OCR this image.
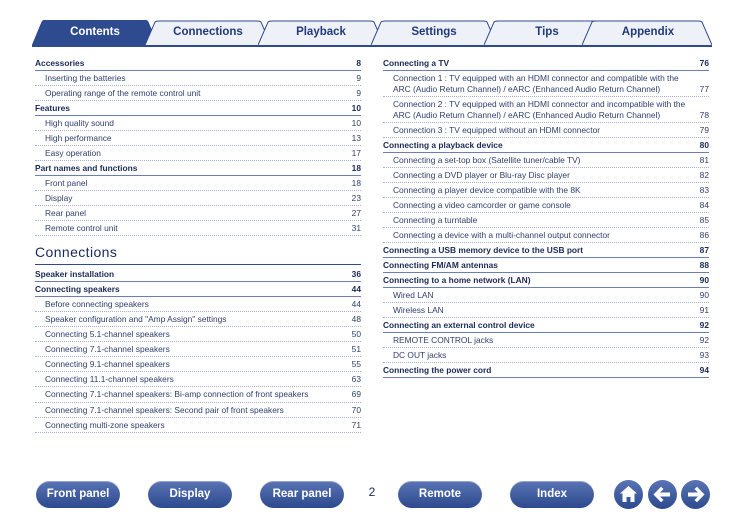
Contents	Connections	Playback	Settings	Tips	Appendix
Accessories	8
Inserting the batteries	9
Operating range of the remote control unit	9
Features	10
High quality sound	10
High performance	13
Easy operation	17
Part names and functions	18
Front panel	18
Display	23
Rear panel	27
Remote control unit	31
Connections
Speaker installation	36
Connecting speakers	44
Before connecting speakers	44
Speaker configuration and "Amp Assign" settings	48
Connecting 5.1-channel speakers	50
Connecting 7.1-channel speakers	51
Connecting 9.1-channel speakers	55
Connecting 11.1-channel speakers	63
Connecting 7.1-channel speakers: Bi-amp connection of front speakers	69
Connecting 7.1-channel speakers: Second pair of front speakers	70
Connecting multi-zone speakers	71
Connecting a TV	76
Connection 1 : TV equipped with an HDMI connector and compatible with the ARC (Audio Return Channel) / eARC (Enhanced Audio Return Channel)	77
Connection 2 : TV equipped with an HDMI connector and incompatible with the ARC (Audio Return Channel) / eARC (Enhanced Audio Return Channel)	78
Connection 3 : TV equipped without an HDMI connector	79
Connecting a playback device	80
Connecting a set-top box (Satellite tuner/cable TV)	81
Connecting a DVD player or Blu-ray Disc player	82
Connecting a player device compatible with the 8K	83
Connecting a video camcorder or game console	84
Connecting a turntable	85
Connecting a device with a multi-channel output connector	86
Connecting a USB memory device to the USB port	87
Connecting FM/AM antennas	88
Connecting to a home network (LAN)	90
Wired LAN	90
Wireless LAN	91
Connecting an external control device	92
REMOTE CONTROL jacks	92
DC OUT jacks	93
Connecting the power cord	94
Front panel	Display	Rear panel	2	Remote	Index
